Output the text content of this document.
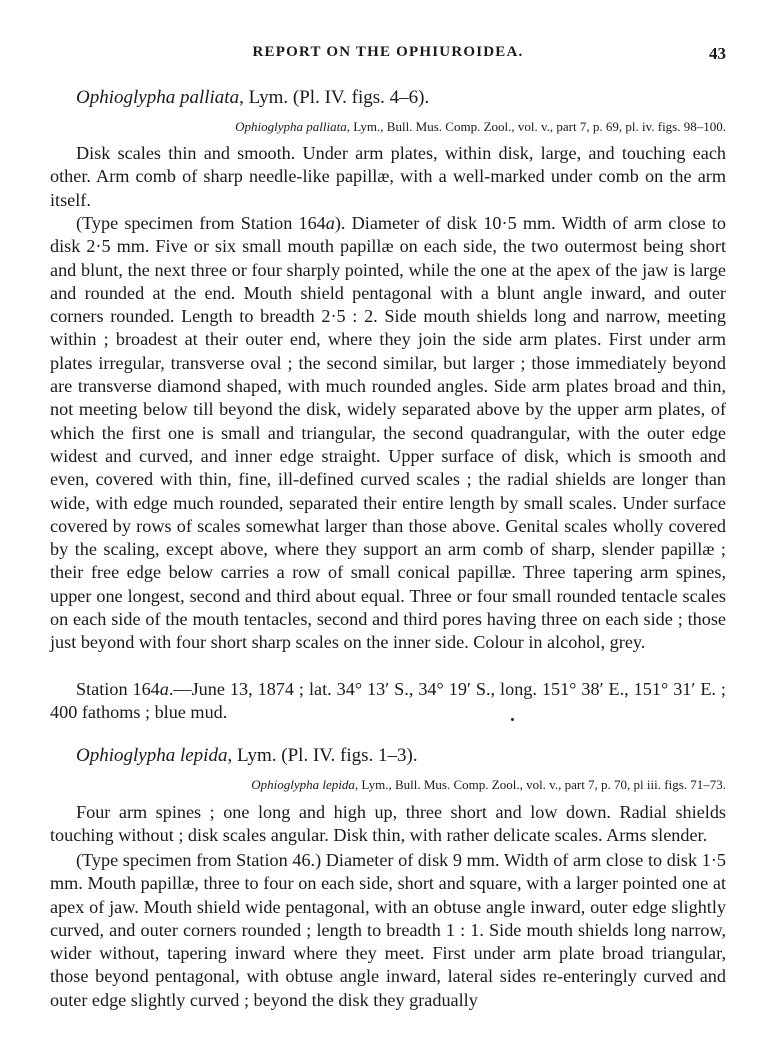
REPORT ON THE OPHIUROIDEA.	43
Ophioglypha palliata, Lym. (Pl. IV. figs. 4–6).
Ophioglypha palliata, Lym., Bull. Mus. Comp. Zool., vol. v., part 7, p. 69, pl. iv. figs. 98–100.

Disk scales thin and smooth. Under arm plates, within disk, large, and touching each other. Arm comb of sharp needle-like papillæ, with a well-marked under comb on the arm itself.

(Type specimen from Station 164a). Diameter of disk 10·5 mm. Width of arm close to disk 2·5 mm. Five or six small mouth papillæ on each side, the two outermost being short and blunt, the next three or four sharply pointed, while the one at the apex of the jaw is large and rounded at the end. Mouth shield pentagonal with a blunt angle inward, and outer corners rounded. Length to breadth 2·5 : 2. Side mouth shields long and narrow, meeting within ; broadest at their outer end, where they join the side arm plates. First under arm plates irregular, transverse oval ; the second similar, but larger ; those immediately beyond are transverse diamond shaped, with much rounded angles. Side arm plates broad and thin, not meeting below till beyond the disk, widely separated above by the upper arm plates, of which the first one is small and triangular, the second quadrangular, with the outer edge widest and curved, and inner edge straight. Upper surface of disk, which is smooth and even, covered with thin, fine, ill-defined curved scales ; the radial shields are longer than wide, with edge much rounded, separated their entire length by small scales. Under surface covered by rows of scales somewhat larger than those above. Genital scales wholly covered by the scaling, except above, where they support an arm comb of sharp, slender papillæ ; their free edge below carries a row of small conical papillæ. Three tapering arm spines, upper one longest, second and third about equal. Three or four small rounded tentacle scales on each side of the mouth tentacles, second and third pores having three on each side ; those just beyond with four short sharp scales on the inner side. Colour in alcohol, grey.

Station 164a.—June 13, 1874 ; lat. 34° 13′ S., 34° 19′ S., long. 151° 38′ E., 151° 31′ E. ; 400 fathoms ; blue mud.

Ophioglypha lepida, Lym. (Pl. IV. figs. 1–3).
Ophioglypha lepida, Lym., Bull. Mus. Comp. Zool., vol. v., part 7, p. 70, pl iii. figs. 71–73.

Four arm spines ; one long and high up, three short and low down. Radial shields touching without ; disk scales angular. Disk thin, with rather delicate scales. Arms slender.

(Type specimen from Station 46.) Diameter of disk 9 mm. Width of arm close to disk 1·5 mm. Mouth papillæ, three to four on each side, short and square, with a larger pointed one at apex of jaw. Mouth shield wide pentagonal, with an obtuse angle inward, outer edge slightly curved, and outer corners rounded ; length to breadth 1 : 1. Side mouth shields long narrow, wider without, tapering inward where they meet. First under arm plate broad triangular, those beyond pentagonal, with obtuse angle inward, lateral sides re-enteringly curved and outer edge slightly curved ; beyond the disk they gradually
